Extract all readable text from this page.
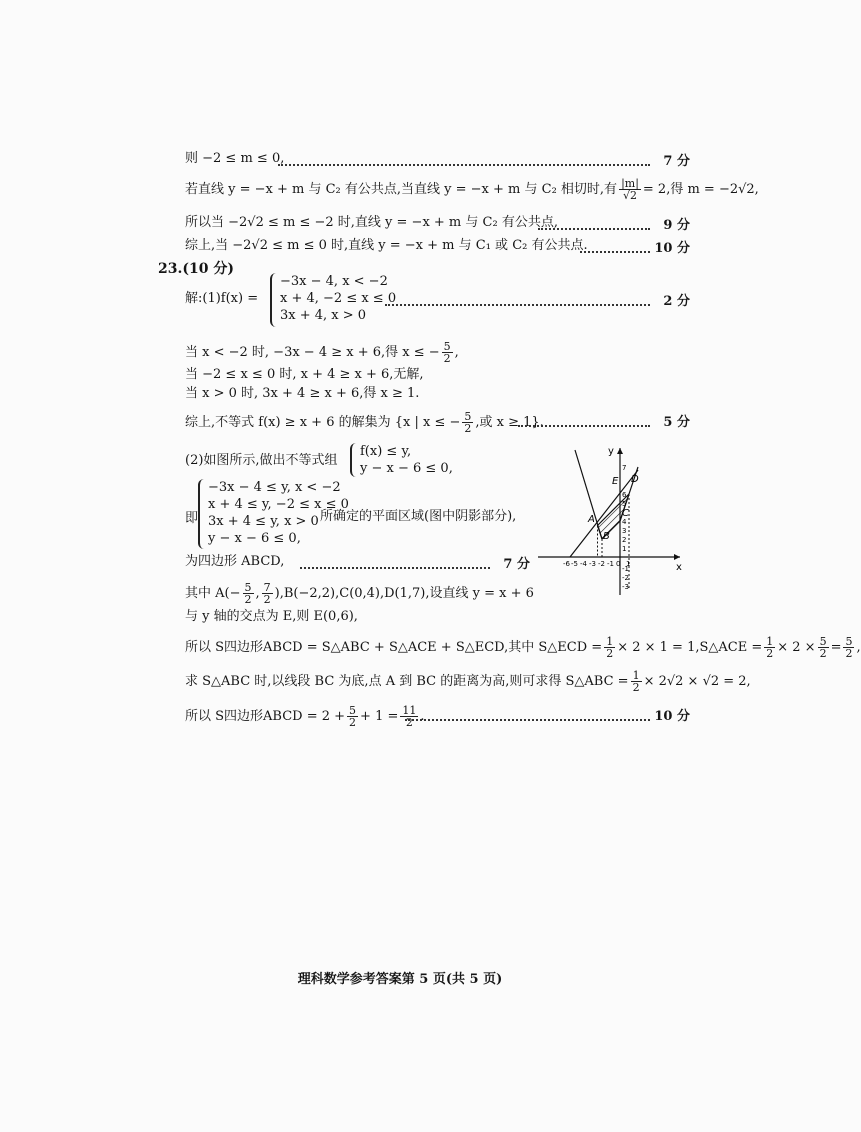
则 −2 ≤ m ≤ 0,	7 分
若直线 y = −x + m 与 C₂ 有公共点,当直线 y = −x + m 与 C₂ 相切时,有 $\frac{|m|}{√2} = 2$,得 m = −2√2,
所以当 −2√2 ≤ m ≤ −2 时,直线 y = −x + m 与 C₂ 有公共点,	9 分
综上,当 −2√2 ≤ m ≤ 0 时,直线 y = −x + m 与 C₁ 或 C₂ 有公共点.	10 分
23.(10 分)
解:(1)f(x) =
−3x − 4, x < −2
x + 4, −2 ≤ x ≤ 0
3x + 4, x > 0
2 分
当 x < −2 时, −3x − 4 ≥ x + 6,得 x ≤ − $\frac{5}{2}$ ,
当 −2 ≤ x ≤ 0 时, x + 4 ≥ x + 6,无解,
当 x > 0 时, 3x + 4 ≥ x + 6,得 x ≥ 1.
综上,不等式 f(x) ≥ x + 6 的解集为 {x | x ≤ − $\frac{5}{2}$ ,或 x ≥ 1}.	5 分
(2)如图所示,做出不等式组
f(x) ≤ y,
y − x − 6 ≤ 0,
即
−3x − 4 ≤ y, x < −2
x + 4 ≤ y, −2 ≤ x ≤ 0
3x + 4 ≤ y, x > 0
y − x − 6 ≤ 0,
所确定的平面区域(图中阴影部分),
为四边形 ABCD,	7 分
其中 $A(- \frac{5}{2}$ , $\frac{7}{2} ),B(-2,2),C(0,4),D(1,7)$,设直线 y = x + 6
与 y 轴的交点为 E,则 E(0,6),
所以 S四边形ABCD = S△ABC + S△ACE + S△ECD,其中 S△ECD = $\frac{1}{2} \times 2 \times 1$ = 1,S△ACE = $\frac{1}{2} \times 2 \times \frac{5}{2} = \frac{5}{2}$ ,
求 S△ABC 时,以线段 BC 为底,点 A 到 BC 的距离为高,则可求得 S△ABC = $\frac{1}{2} \times 2√2 \times √2 = 2$,
所以 S四边形ABCD = $2 + \frac{5}{2} + 1 = \frac{11}{2}$ .	10 分
x
y
A
B
C
D
E
-6 -5 -4 -3 -2 -1 0 1
1
2
3
4
5
6
7
-1
-2
-3
理科数学参考答案第 5 页(共 5 页)
